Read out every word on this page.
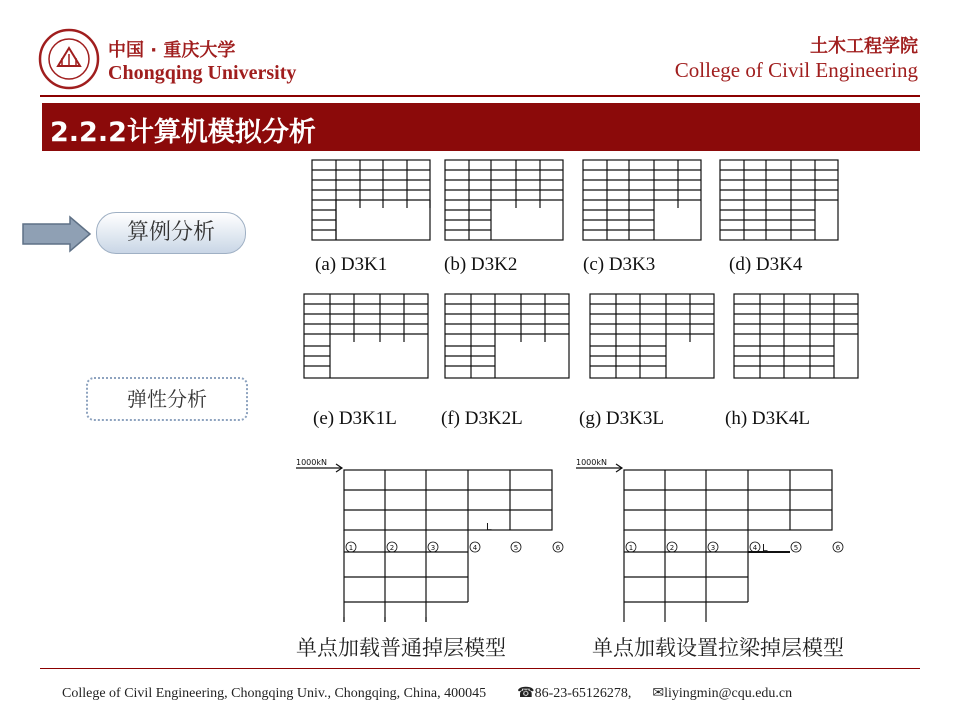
中国 · 重庆大学
Chongqing University
土木工程学院
College of Civil Engineering
2.2.2计算机模拟分析
算例分析
弹性分析
(a) D3K1	(b) D3K2	(c) D3K3	(d) D3K4
(e) D3K1L (f) D3K2L	(g) D3K3L	(h) D3K4L
1000kN
L
1	2	3	4	5	6
1000kN
L
1	2	3	4	5	6
单点加载普通掉层模型	单点加载设置拉梁掉层模型
College of Civil Engineering, Chongqing Univ., Chongqing, China, 400045 ☎86-23-65126278, ✉liyingmin@cqu.edu.cn
